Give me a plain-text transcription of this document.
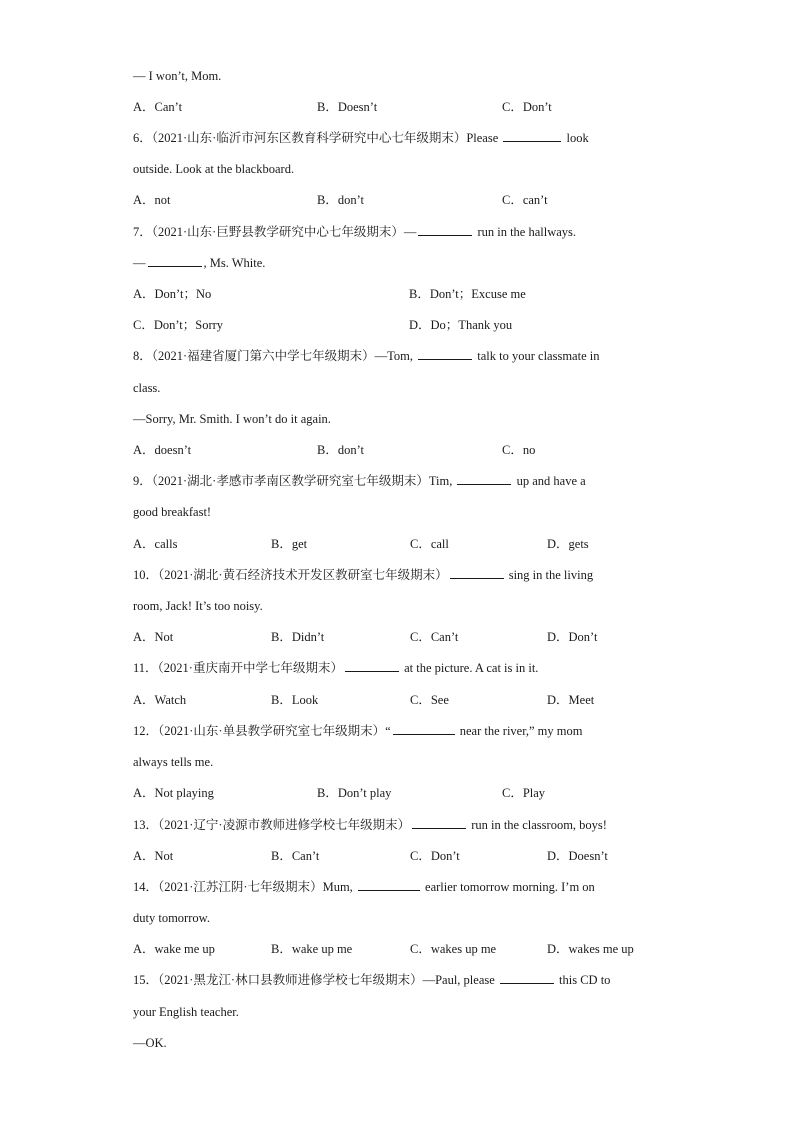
— I won’t, Mom.
A．Can’t	B．Doesn’t	C．Don’t
6．（2021·山东·临沂市河东区教育科学研究中心七年级期末）Please	look
outside. Look at the blackboard.
A．not	B．don’t	C．can’t
7．（2021·山东·巨野县教学研究中心七年级期末）—	run in the hallways.
—	, Ms. White.
A．Don’t；No	B．Don’t；Excuse me
C．Don’t；Sorry	D．Do；Thank you
8．（2021·福建省厦门第六中学七年级期末）—Tom,	talk to your classmate in
class.
—Sorry, Mr. Smith. I won’t do it again.
A．doesn’t	B．don’t	C．no
9．（2021·湖北·孝感市孝南区教学研究室七年级期末）Tim,	up and have a
good breakfast!
A．calls	B．get	C．call	D．gets
10．（2021·湖北·黄石经济技术开发区教研室七年级期末）	sing in the living
room, Jack! It’s too noisy.
A．Not	B．Didn’t	C．Can’t	D．Don’t
11．（2021·重庆南开中学七年级期末）	at the picture. A cat is in it.
A．Watch	B．Look	C．See	D．Meet
12．（2021·山东·单县教学研究室七年级期末）“	near the river,” my mom
always tells me.
A．Not playing	B．Don’t play	C．Play
13．（2021·辽宁·凌源市教师进修学校七年级期末）	run in the classroom, boys!
A．Not	B．Can’t	C．Don’t	D．Doesn’t
14．（2021·江苏江阴·七年级期末）Mum,	earlier tomorrow morning. I’m on
duty tomorrow.
A．wake me up	B．wake up me	C．wakes up me	D．wakes me up
15．（2021·黑龙江·林口县教师进修学校七年级期末）—Paul, please	this CD to
your English teacher.
—OK.
